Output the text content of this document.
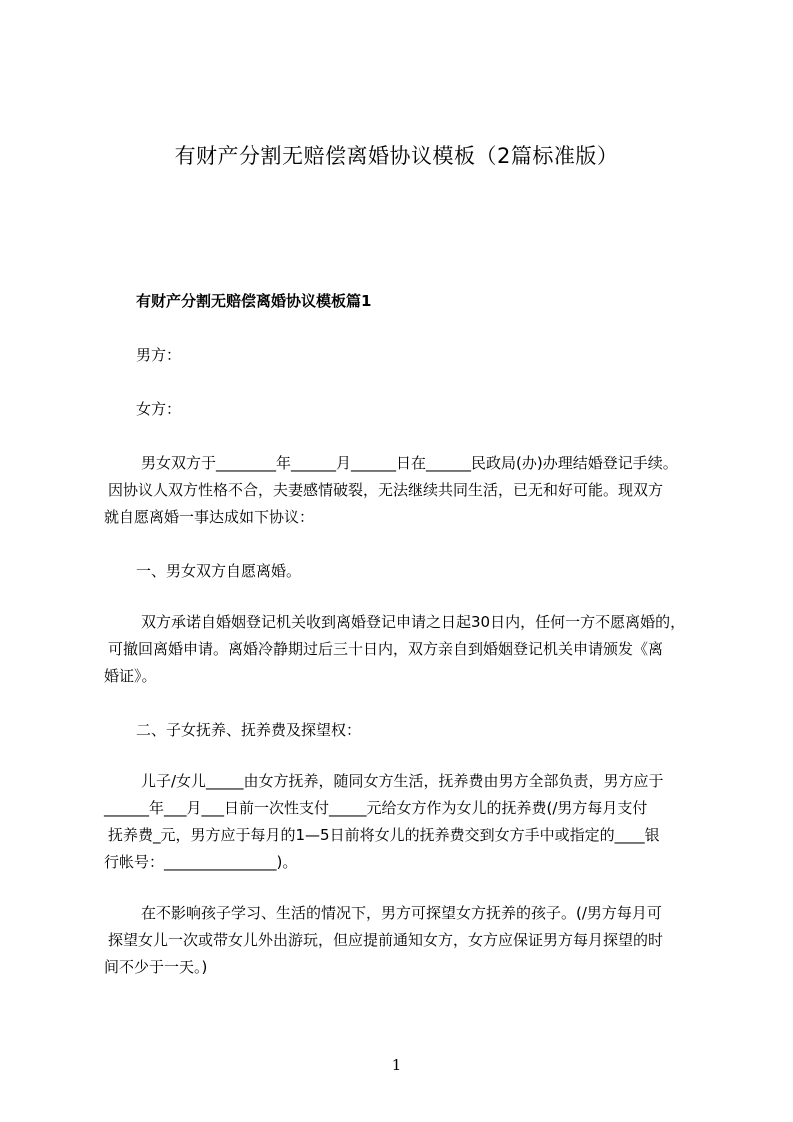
有财产分割无赔偿离婚协议模板（2篇标准版）
有财产分割无赔偿离婚协议模板篇1
男方：
女方：
男女双方于________年______月______日在______民政局(办)办理结婚登记手续。
因协议人双方性格不合，夫妻感情破裂，无法继续共同生活，已无和好可能。现双方
就自愿离婚一事达成如下协议：
一、男女双方自愿离婚。
双方承诺自婚姻登记机关收到离婚登记申请之日起30日内，任何一方不愿离婚的，
可撤回离婚申请。离婚冷静期过后三十日内，双方亲自到婚姻登记机关申请颁发《离
婚证》。
二、子女抚养、抚养费及探望权：
儿子/女儿_____由女方抚养，随同女方生活，抚养费由男方全部负责，男方应于
______年___月___日前一次性支付_____元给女方作为女儿的抚养费(/男方每月支付
抚养费_元，男方应于每月的1—5日前将女儿的抚养费交到女方手中或指定的____银
行帐号：_______________)。
在不影响孩子学习、生活的情况下，男方可探望女方抚养的孩子。(/男方每月可
探望女儿一次或带女儿外出游玩，但应提前通知女方，女方应保证男方每月探望的时
间不少于一天。)
1
